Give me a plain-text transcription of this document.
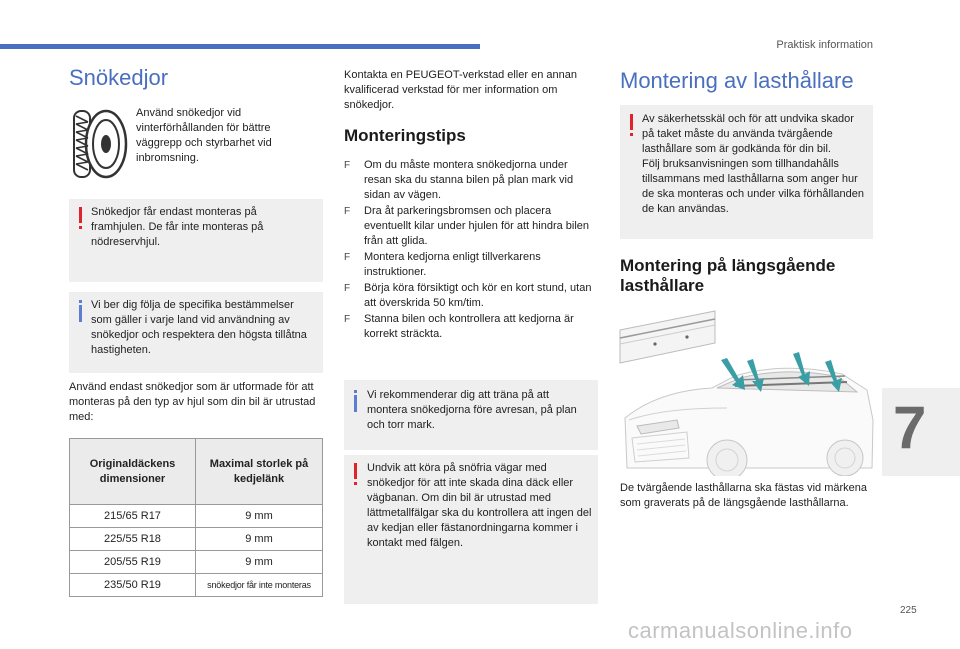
Praktisk information
7
225
carmanualsonline.info
Snökedjor
Använd snökedjor vid vinterförhållanden för bättre väggrepp och styrbarhet vid inbromsning.
Snökedjor får endast monteras på framhjulen. De får inte monteras på nödreservhjul.
Vi ber dig följa de specifika bestämmelser som gäller i varje land vid användning av snökedjor och respektera den högsta tillåtna hastigheten.
Använd endast snökedjor som är utformade för att monteras på den typ av hjul som din bil är utrustad med:
Originaldäckens dimensioner	Maximal storlek på kedjelänk
215/65 R17	9 mm
225/55 R18	9 mm
205/55 R19	9 mm
235/50 R19	snökedjor får inte monteras
Kontakta en PEUGEOT-verkstad eller en annan kvalificerad verkstad för mer information om snökedjor.
Monteringstips
F Om du måste montera snökedjorna under resan ska du stanna bilen på plan mark vid sidan av vägen.
F Dra åt parkeringsbromsen och placera eventuellt kilar under hjulen för att hindra bilen från att glida.
F Montera kedjorna enligt tillverkarens instruktioner.
F Börja köra försiktigt och kör en kort stund, utan att överskrida 50 km/tim.
F Stanna bilen och kontrollera att kedjorna är korrekt sträckta.
Vi rekommenderar dig att träna på att montera snökedjorna före avresan, på plan och torr mark.
Undvik att köra på snöfria vägar med snökedjor för att inte skada dina däck eller vägbanan. Om din bil är utrustad med lättmetallfälgar ska du kontrollera att ingen del av kedjan eller fästanordningarna kommer i kontakt med fälgen.
Montering av lasthållare
Av säkerhetsskäl och för att undvika skador på taket måste du använda tvärgående lasthållare som är godkända för din bil.
Följ bruksanvisningen som tillhandahålls tillsammans med lasthållarna som anger hur de ska monteras och under vilka förhållanden de kan användas.
Montering på längsgående lasthållare
De tvärgående lasthållarna ska fästas vid märkena som graverats på de längsgående lasthållarna.
